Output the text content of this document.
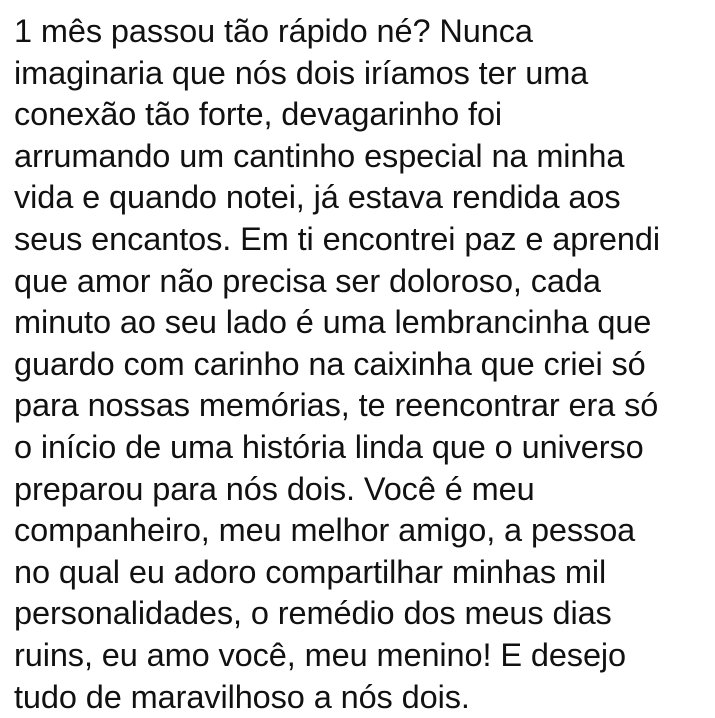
1 mês passou tão rápido né? Nunca
imaginaria que nós dois iríamos ter uma
conexão tão forte, devagarinho foi
arrumando um cantinho especial na minha
vida e quando notei, já estava rendida aos
seus encantos. Em ti encontrei paz e aprendi
que amor não precisa ser doloroso, cada
minuto ao seu lado é uma lembrancinha que
guardo com carinho na caixinha que criei só
para nossas memórias, te reencontrar era só
o início de uma história linda que o universo
preparou para nós dois. Você é meu
companheiro, meu melhor amigo, a pessoa
no qual eu adoro compartilhar minhas mil
personalidades, o remédio dos meus dias
ruins, eu amo você, meu menino! E desejo
tudo de maravilhoso a nós dois.
